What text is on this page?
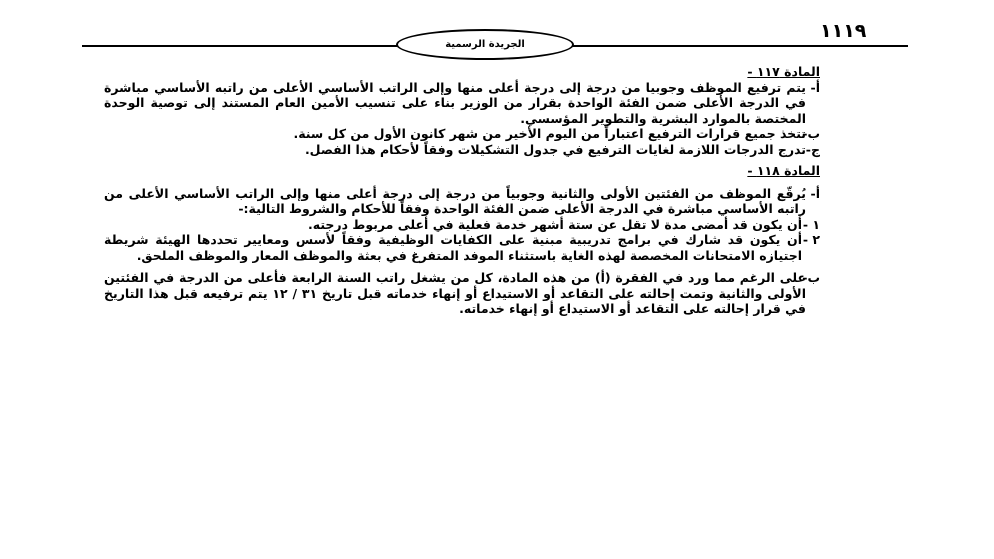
١١١٩
الجريدة الرسمية
المادة ١١٧ -
أ-
يتم ترفيع الموظف وجوبيا من درجة إلى درجة أعلى منها وإلى الراتب الأساسي الأعلى من راتبه الأساسي مباشرة في الدرجة الأعلى ضمن الفئة الواحدة بقرار من الوزير بناء على تنسيب الأمين العام المستند إلى توصية الوحدة المختصة بالموارد البشرية والتطوير المؤسسي.
ب-
تتخذ جميع قرارات الترفيع اعتباراً من اليوم الأخير من شهر كانون الأول من كل سنة.
ج-
تدرج الدرجات اللازمة لغايات الترفيع في جدول التشكيلات وفقاً لأحكام هذا الفصل.
المادة ١١٨ -
أ-
يُرقّع الموظف من الفئتين الأولى والثانية وجوبياً من درجة إلى درجة أعلى منها وإلى الراتب الأساسي الأعلى من راتبه الأساسي مباشرة في الدرجة الأعلى ضمن الفئة الواحدة وفقاً للأحكام والشروط التالية:-
١ -
أن يكون قد أمضى مدة لا تقل عن ستة أشهر خدمة فعلية في أعلى مربوط درجته.
٢ -
أن يكون قد شارك في برامج تدريبية مبنية على الكفايات الوظيفية وفقاً لأسس ومعايير تحددها الهيئة شريطة اجتيازه الامتحانات المخصصة لهذه الغاية باستثناء الموفد المتفرغ في بعثة والموظف المعار والموظف الملحق.
ب-
على الرغم مما ورد في الفقرة (أ) من هذه المادة، كل من يشغل راتب السنة الرابعة فأعلى من الدرجة في الفئتين الأولى والثانية وتمت إحالته على التقاعد أو الاستيداع أو إنهاء خدماته قبل تاريخ ٣١ / ١٢ يتم ترفيعه قبل هذا التاريخ في قرار إحالته على التقاعد أو الاستيداع أو إنهاء خدماته.
